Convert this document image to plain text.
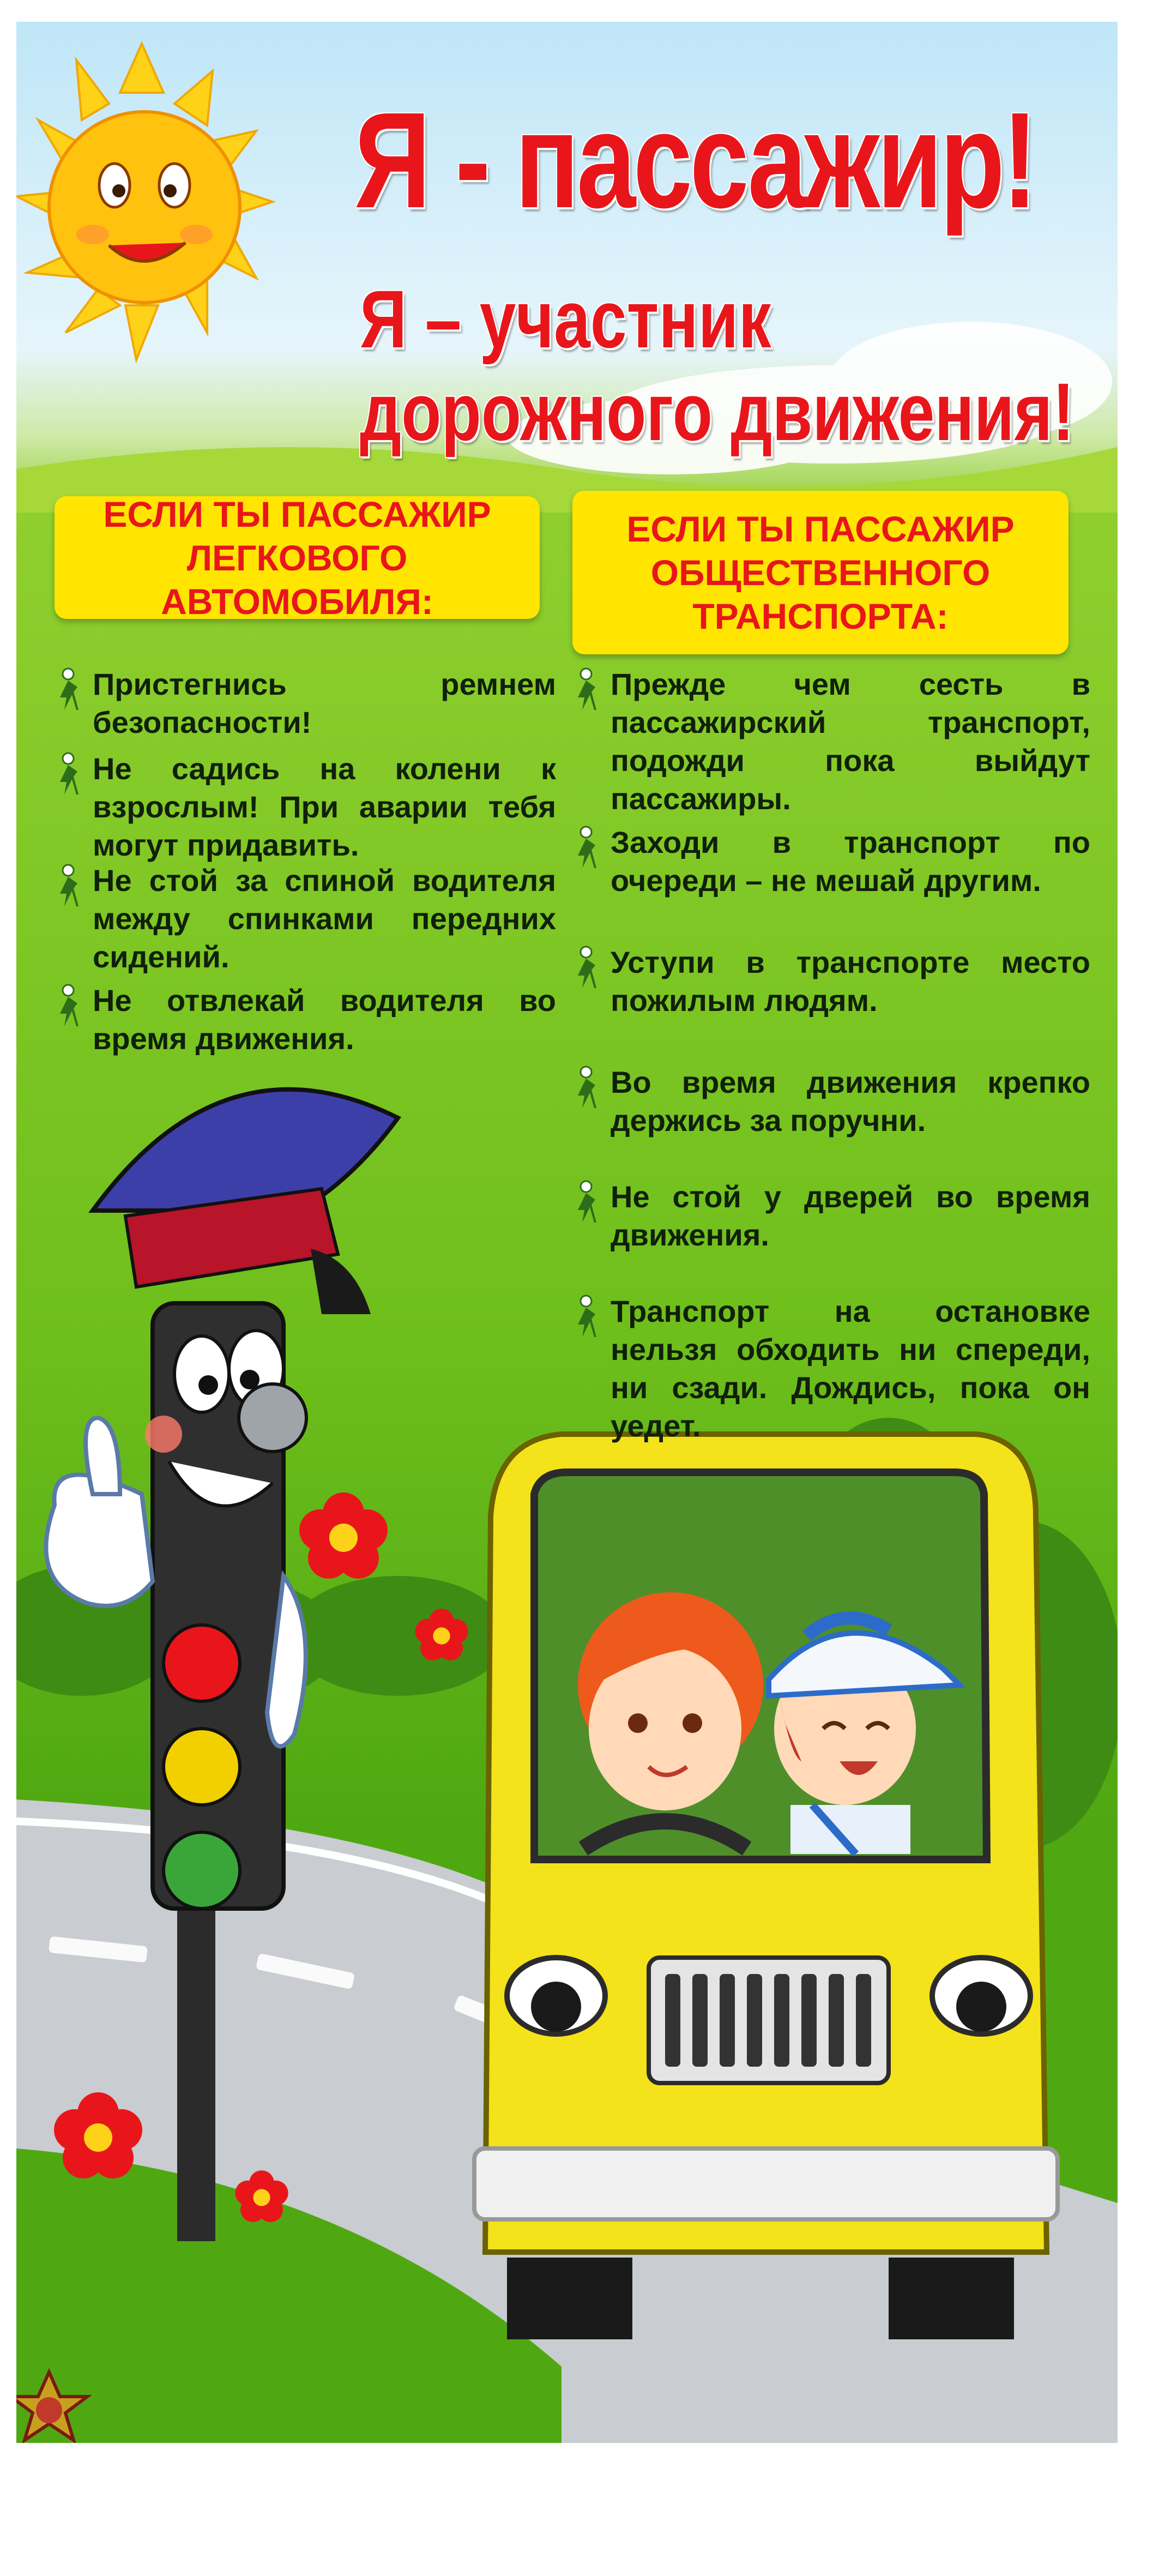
Я - пассажир!
Я – участник
дорожного движения!
ЕСЛИ ТЫ ПАССАЖИР
ЛЕГКОВОГО АВТОМОБИЛЯ:
ЕСЛИ ТЫ ПАССАЖИР
ОБЩЕСТВЕННОГО
ТРАНСПОРТА:
Пристегнись ремнем безопасности!
Не садись на колени к взрослым! При аварии тебя могут придавить.
Не стой за спиной водителя между спинками передних сидений.
Не отвлекай водителя во время движения.
Прежде чем сесть в пассажирский транспорт, подожди пока выйдут пассажиры.
Заходи в транспорт по очереди – не мешай другим.
Уступи в транспорте место пожилым людям.
Во время движения крепко держись за поручни.
Не стой у дверей во время движения.
Транспорт на остановке нельзя обходить ни спереди, ни сзади. Дождись, пока он уедет.
